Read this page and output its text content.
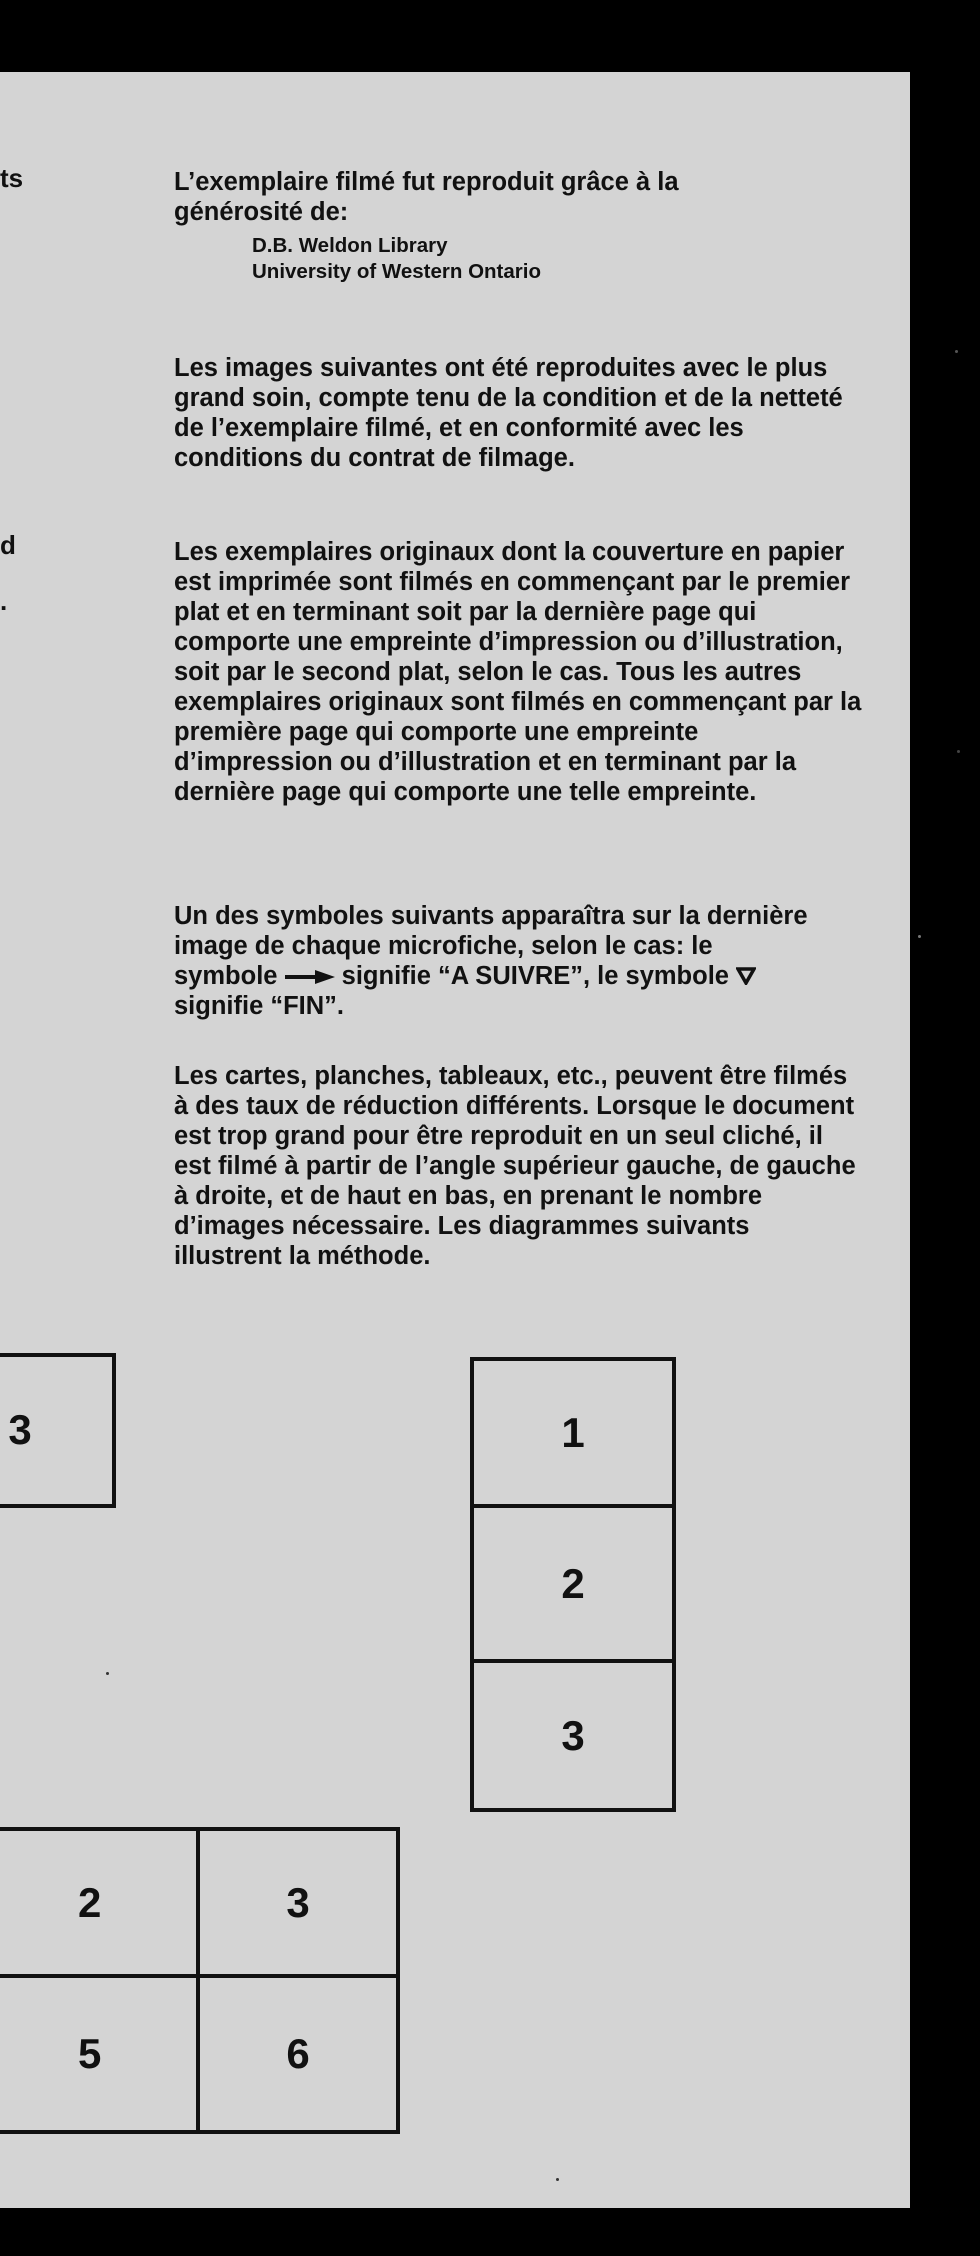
ts
d
.

L’exemplaire filmé fut reproduit grâce à la générosité de:

D.B. Weldon Library
University of Western Ontario

Les images suivantes ont été reproduites avec le plus grand soin, compte tenu de la condition et de la netteté de l’exemplaire filmé, et en conformité avec les conditions du contrat de filmage.

Les exemplaires originaux dont la couverture en papier est imprimée sont filmés en commençant par le premier plat et en terminant soit par la dernière page qui comporte une empreinte d’impression ou d’illustration, soit par le second plat, selon le cas. Tous les autres exemplaires originaux sont filmés en commençant par la première page qui comporte une empreinte d’impression ou d’illustration et en terminant par la dernière page qui comporte une telle empreinte.

Un des symboles suivants apparaîtra sur la dernière image de chaque microfiche, selon le cas: le symbole	signifie “A SUIVRE”, le symbole  signifie “FIN”.

Les cartes, planches, tableaux, etc., peuvent être filmés à des taux de réduction différents. Lorsque le document est trop grand pour être reproduit en un seul cliché, il est filmé à partir de l’angle supérieur gauche, de gauche à droite, et de haut en bas, en prenant le nombre d’images nécessaire. Les diagrammes suivants illustrent la méthode.

3	1
2
3
2	3
5	6
